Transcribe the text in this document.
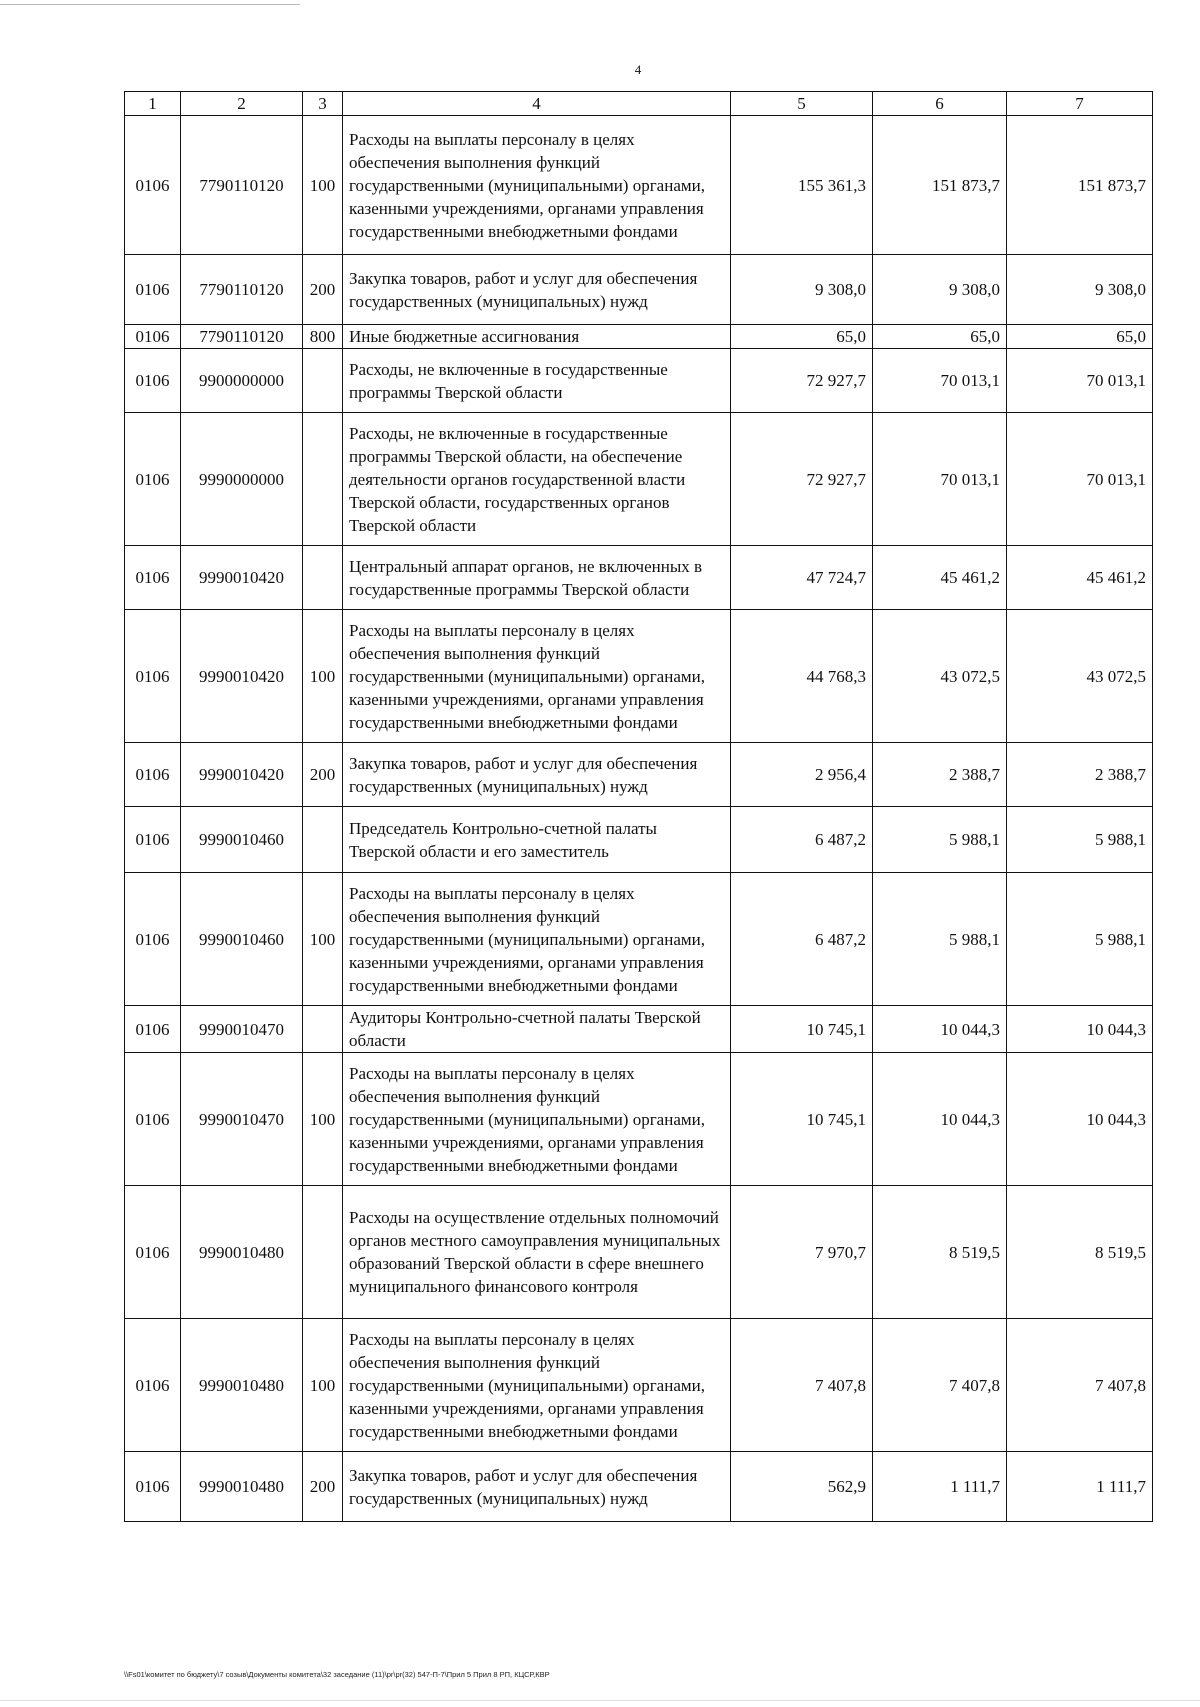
4
1	2	3	4	5	6	7
0106	7790110120	100	Расходы на выплаты персоналу в целях обеспечения выполнения функций государственными (муниципальными) органами, казенными учреждениями, органами управления государственными внебюджетными фондами	155 361,3	151 873,7	151 873,7
0106	7790110120	200	Закупка товаров, работ и услуг для обеспечения государственных (муниципальных) нужд	9 308,0	9 308,0	9 308,0
0106	7790110120	800	Иные бюджетные ассигнования	65,0	65,0	65,0
0106	9900000000		Расходы, не включенные в государственные программы Тверской области	72 927,7	70 013,1	70 013,1
0106	9990000000		Расходы, не включенные в государственные программы Тверской области, на обеспечение деятельности органов государственной власти Тверской области, государственных органов Тверской области	72 927,7	70 013,1	70 013,1
0106	9990010420		Центральный аппарат органов, не включенных в государственные программы Тверской области	47 724,7	45 461,2	45 461,2
0106	9990010420	100	Расходы на выплаты персоналу в целях обеспечения выполнения функций государственными (муниципальными) органами, казенными учреждениями, органами управления государственными внебюджетными фондами	44 768,3	43 072,5	43 072,5
0106	9990010420	200	Закупка товаров, работ и услуг для обеспечения государственных (муниципальных) нужд	2 956,4	2 388,7	2 388,7
0106	9990010460		Председатель Контрольно-счетной палаты Тверской области и его заместитель	6 487,2	5 988,1	5 988,1
0106	9990010460	100	Расходы на выплаты персоналу в целях обеспечения выполнения функций государственными (муниципальными) органами, казенными учреждениями, органами управления государственными внебюджетными фондами	6 487,2	5 988,1	5 988,1
0106	9990010470		Аудиторы Контрольно-счетной палаты Тверской области	10 745,1	10 044,3	10 044,3
0106	9990010470	100	Расходы на выплаты персоналу в целях обеспечения выполнения функций государственными (муниципальными) органами, казенными учреждениями, органами управления государственными внебюджетными фондами	10 745,1	10 044,3	10 044,3
0106	9990010480		Расходы на осуществление отдельных полномочий органов местного самоуправления муниципальных образований Тверской области в сфере внешнего муниципального финансового контроля	7 970,7	8 519,5	8 519,5
0106	9990010480	100	Расходы на выплаты персоналу в целях обеспечения выполнения функций государственными (муниципальными) органами, казенными учреждениями, органами управления государственными внебюджетными фондами	7 407,8	7 407,8	7 407,8
0106	9990010480	200	Закупка товаров, работ и услуг для обеспечения государственных (муниципальных) нужд	562,9	1 111,7	1 111,7
\\Fs01\комитет по бюджету\7 созыв\Документы комитета\32 заседание (11)\pr\pr(32) 547-П-7\Прил 5 Прил 8 РП, КЦСР,КВР
